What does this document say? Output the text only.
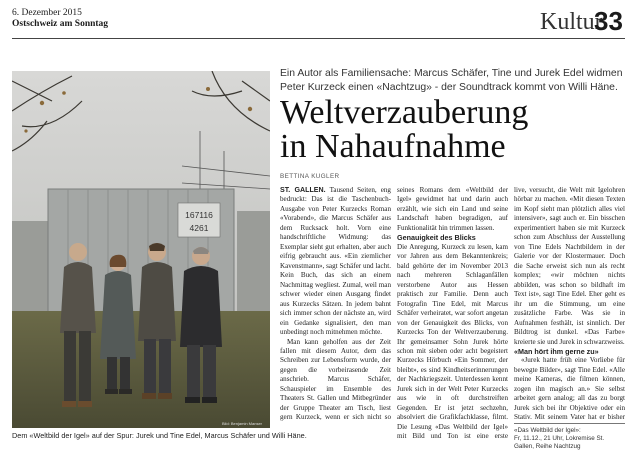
6. Dezember 2015
Ostschweiz am Sonntag	Kultur
33
167116
4261
Bild: Benjamin Manser
Dem «Weltbild der Igel» auf der Spur: Jurek und Tine Edel, Marcus Schäfer und Willi Häne.
Ein Autor als Familiensache: Marcus Schäfer, Tine und Jurek Edel widmen Peter Kurzeck einen «Nachtzug» - der Soundtrack kommt von Willi Häne.
Weltverzauberung
in Nahaufnahme
BETTINA KUGLER

ST. GALLEN. Tausend Seiten, eng bedruckt: Das ist die Taschenbuch-Ausgabe von Peter Kurzecks Roman «Vorabend», die Marcus Schäfer aus dem Rucksack holt. Vorn eine handschriftliche Widmung: das Exemplar sieht gut erhalten, aber auch eifrig gebraucht aus. «Ein ziemlicher Kavenstmann», sagt Schäfer und lacht. Kein Buch, das sich an einem Nachmittag wegliest. Zumal, weil man schwer wieder einen Ausgang findet aus Kurzecks Sätzen. In jedem bahnt sich immer schon der nächste an, wird ein Gedanke signalisiert, den man unbedingt noch mitnehmen möchte.

Man kann geholfen aus der Zeit fallen mit diesem Autor, dem das Schreiben zur Lebensform wurde, der gegen die vorbeirasende Zeit anschrieb. Marcus Schäfer, Schauspieler im Ensemble des Theaters St. Gallen und Mitbegründer der Gruppe Theater am Tisch, liest gern Kurzeck, wenn er sich nicht so

seines Romans dem «Weltbild der Igel» gewidmet hat und darin auch erzählt, wie sich ein Land und seine Landschaft haben begradigen, auf Funktionalität hin trimmen lassen.

Genauigkeit des Blicks

Die Anregung, Kurzeck zu lesen, kam vor Jahren aus dem Bekanntenkreis; bald gehörte der im November 2013 nach mehreren Schlaganfällen verstorbene Autor aus Hessen praktisch zur Familie. Denn auch Fotografin Tine Edel, mit Marcus Schäfer verheiratet, war sofort angetan von der Genauigkeit des Blicks, von Kurzecks Ton der Weltverzauberung. Ihr gemeinsamer Sohn Jurek hörte schon mit sieben oder acht begeistert Kurzecks Hörbuch «Ein Sommer, der bleibt», es sind Kindheitserinnerungen der Nachkriegszeit. Unterdessen kennt Jurek sich in der Welt Peter Kurzecks aus wie in oft durchstreiften Gegenden. Er ist jetzt sechzehn, absolviert die Grafikfachklasse, filmt. Die Lesung «Das Weltbild der Igel» mit Bild und Ton ist eine erste

live, versucht, die Welt mit Igelohren hörbar zu machen. «Mit diesen Texten im Kopf sieht man plötzlich alles viel intensiver», sagt auch er. Ein bisschen experimentiert haben sie mit Kurzeck schon zum Abschluss der Ausstellung von Tine Edels Nachtbildern in der Galerie vor der Klostermauer. Doch die Sache erweist sich nun als recht komplex; «wir möchten nichts abbilden, was schon so bildhaft im Text ist», sagt Tine Edel. Eher geht es ihr um die Stimmung, um eine zusätzliche Farbe. Was sie in Aufnahmen festhält, ist sinnlich. Der Bildtrog ist dunkel. «Das Farbe» kreierte sie und Jurek in schwarzweiss.

«Man hört ihm gerne zu»

«Jurek hatte früh eine Vorliebe für bewegte Bilder», sagt Tine Edel. «Alle meine Kameras, die filmen können, zogen ihn magisch an.» Sie selbst arbeitet gern analog; all das zu borgt Jurek sich bei ihr Objektive oder ein Stativ. Mit seinem Vater hat er bisher

«Das Weltbild der Igel»:
Fr, 11.12., 21 Uhr, Lokremise St. Gallen, Reihe Nachtzug
